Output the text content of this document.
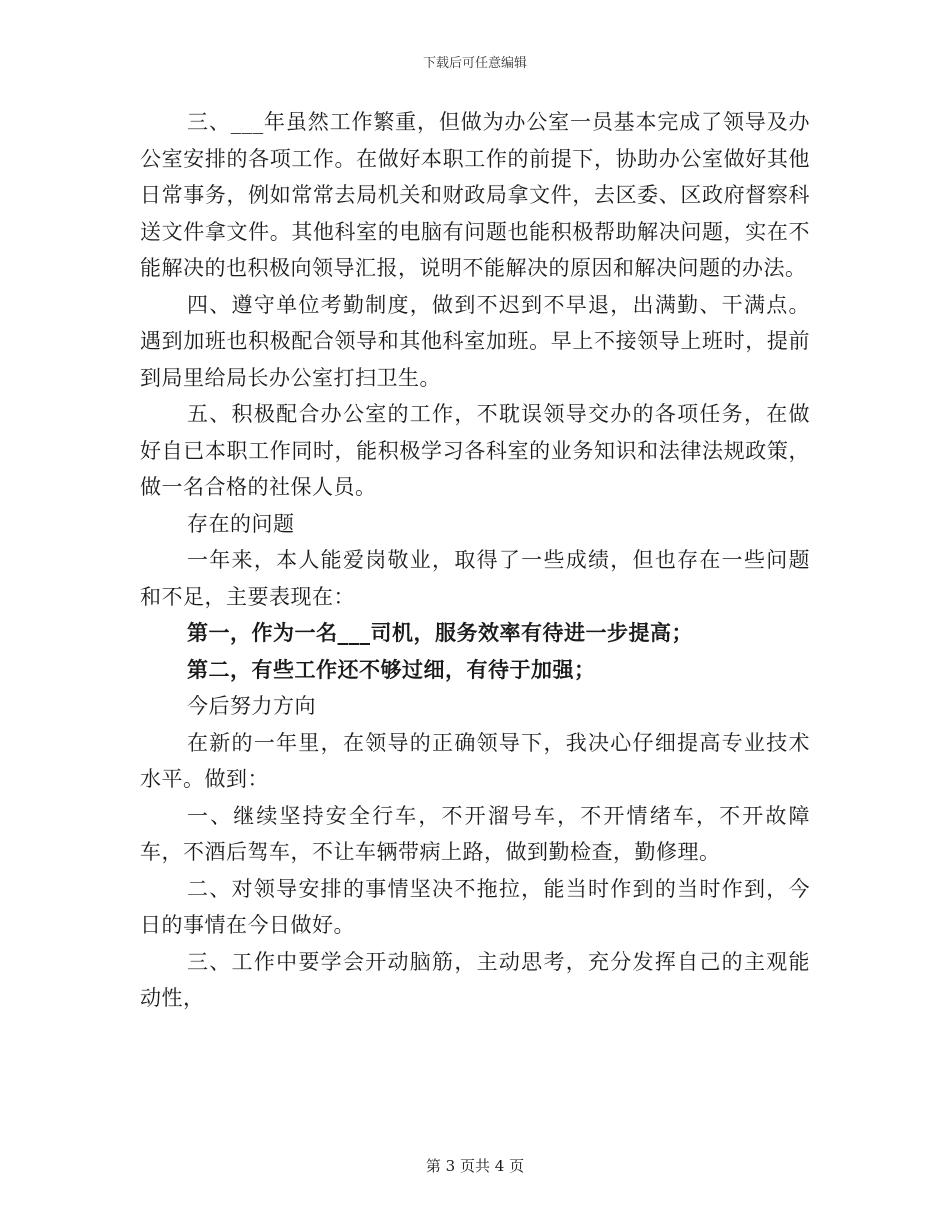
下载后可任意编辑

三、___年虽然工作繁重，但做为办公室一员基本完成了领导及办公室安排的各项工作。在做好本职工作的前提下，协助办公室做好其他日常事务，例如常常去局机关和财政局拿文件，去区委、区政府督察科送文件拿文件。其他科室的电脑有问题也能积极帮助解决问题，实在不能解决的也积极向领导汇报，说明不能解决的原因和解决问题的办法。

四、遵守单位考勤制度，做到不迟到不早退，出满勤、干满点。遇到加班也积极配合领导和其他科室加班。早上不接领导上班时，提前到局里给局长办公室打扫卫生。

五、积极配合办公室的工作，不耽误领导交办的各项任务，在做好自已本职工作同时，能积极学习各科室的业务知识和法律法规政策，做一名合格的社保人员。

存在的问题

一年来，本人能爱岗敬业，取得了一些成绩，但也存在一些问题和不足，主要表现在：

第一，作为一名___司机，服务效率有待进一步提高；

第二，有些工作还不够过细，有待于加强；

今后努力方向

在新的一年里，在领导的正确领导下，我决心仔细提高专业技术水平。做到：

一、继续坚持安全行车，不开溜号车，不开情绪车，不开故障车，不酒后驾车，不让车辆带病上路，做到勤检查，勤修理。

二、对领导安排的事情坚决不拖拉，能当时作到的当时作到，今日的事情在今日做好。

三、工作中要学会开动脑筋，主动思考，充分发挥自己的主观能动性，

第 3 页共 4 页
